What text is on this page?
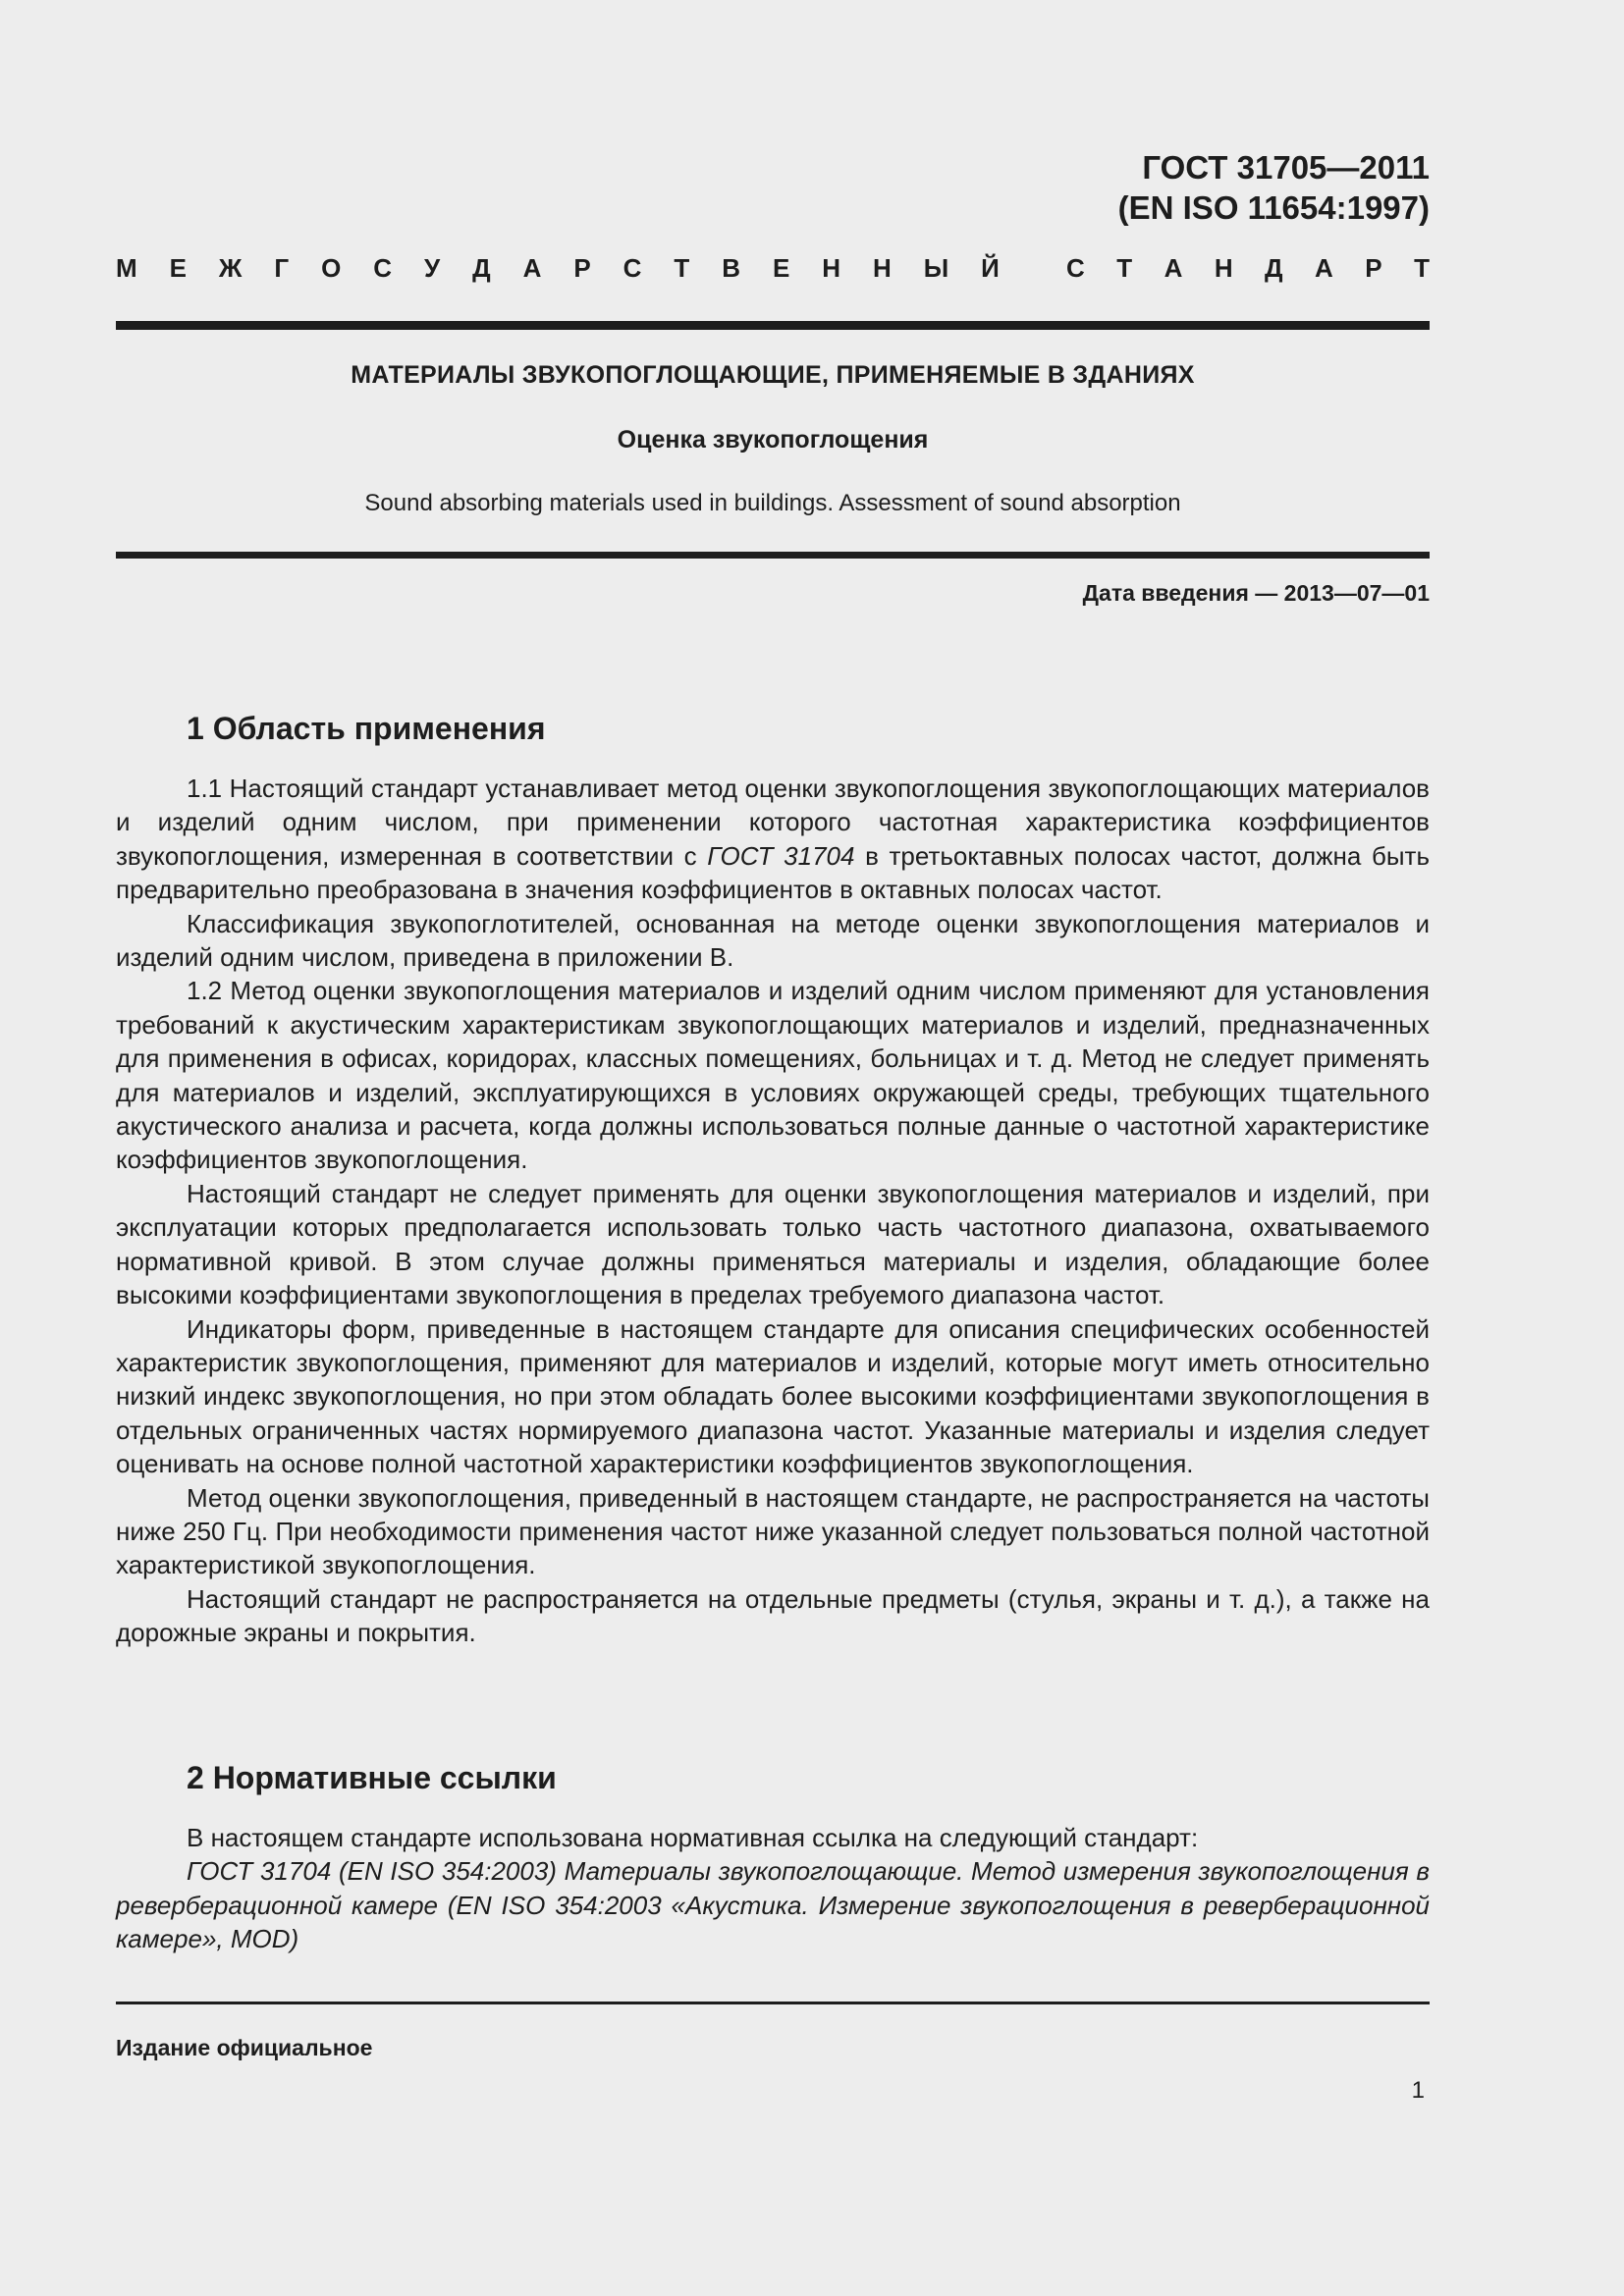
ГОСТ 31705—2011
(EN ISO 11654:1997)
М Е Ж Г О С У Д А Р С Т В Е Н Н Ы Й	С Т А Н Д А Р Т
МАТЕРИАЛЫ ЗВУКОПОГЛОЩАЮЩИЕ, ПРИМЕНЯЕМЫЕ В ЗДАНИЯХ
Оценка звукопоглощения
Sound absorbing materials used in buildings. Assessment of sound absorption
Дата введения — 2013—07—01
1 Область применения

1.1 Настоящий стандарт устанавливает метод оценки звукопоглощения звукопоглощающих материалов и изделий одним числом, при применении которого частотная характеристика коэффициентов звукопоглощения, измеренная в соответствии с ГОСТ 31704 в третьоктавных полосах частот, должна быть предварительно преобразована в значения коэффициентов в октавных полосах частот.

Классификация звукопоглотителей, основанная на методе оценки звукопоглощения материалов и изделий одним числом, приведена в приложении В.

1.2 Метод оценки звукопоглощения материалов и изделий одним числом применяют для установления требований к акустическим характеристикам звукопоглощающих материалов и изделий, предназначенных для применения в офисах, коридорах, классных помещениях, больницах и т. д. Метод не следует применять для материалов и изделий, эксплуатирующихся в условиях окружающей среды, требующих тщательного акустического анализа и расчета, когда должны использоваться полные данные о частотной характеристике коэффициентов звукопоглощения.

Настоящий стандарт не следует применять для оценки звукопоглощения материалов и изделий, при эксплуатации которых предполагается использовать только часть частотного диапазона, охватываемого нормативной кривой. В этом случае должны применяться материалы и изделия, обладающие более высокими коэффициентами звукопоглощения в пределах требуемого диапазона частот.

Индикаторы форм, приведенные в настоящем стандарте для описания специфических особенностей характеристик звукопоглощения, применяют для материалов и изделий, которые могут иметь относительно низкий индекс звукопоглощения, но при этом обладать более высокими коэффициентами звукопоглощения в отдельных ограниченных частях нормируемого диапазона частот. Указанные материалы и изделия следует оценивать на основе полной частотной характеристики коэффициентов звукопоглощения.

Метод оценки звукопоглощения, приведенный в настоящем стандарте, не распространяется на частоты ниже 250 Гц. При необходимости применения частот ниже указанной следует пользоваться полной частотной характеристикой звукопоглощения.

Настоящий стандарт не распространяется на отдельные предметы (стулья, экраны и т. д.), а также на дорожные экраны и покрытия.

2 Нормативные ссылки

В настоящем стандарте использована нормативная ссылка на следующий стандарт:

ГОСТ 31704 (EN ISO 354:2003) Материалы звукопоглощающие. Метод измерения звукопоглощения в реверберационной камере (EN ISO 354:2003 «Акустика. Измерение звукопоглощения в реверберационной камере», MOD)

Издание официальное
1
